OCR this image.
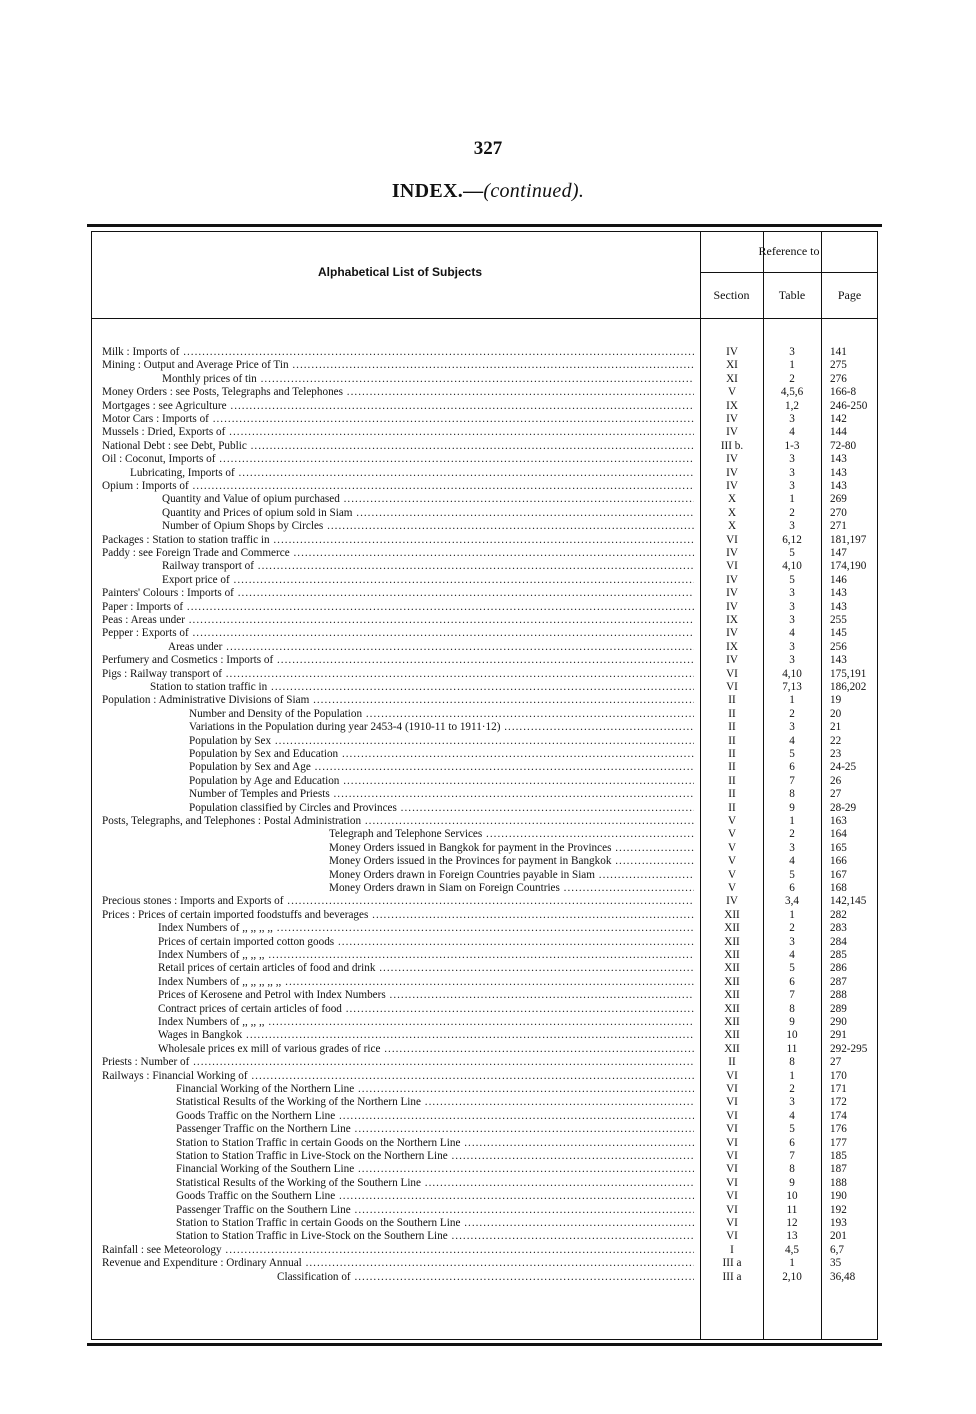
327
INDEX.—(continued).
Alphabetical List of Subjects
Reference to
Section	Table	Page
Milk : Imports of .....	IV	3	141
Mining : Output and Average Price of Tin .....	XI	1	275
Monthly prices of tin .....	XI	2	276
Money Orders : see Posts, Telegraphs and Telephones .....	V	4,5,6	166-8
Mortgages : see Agriculture .....	IX	1,2	246-250
Motor Cars : Imports of .....	IV	3	142
Mussels : Dried, Exports of .....	IV	4	144
National Debt : see Debt, Public .....	III b.	1-3	72-80
Oil : Coconut, Imports of .....	IV	3	143
Lubricating, Imports of .....	IV	3	143
Opium : Imports of .....	IV	3	143
Quantity and Value of opium purchased .....	X	1	269
Quantity and Prices of opium sold in Siam .....	X	2	270
Number of Opium Shops by Circles .....	X	3	271
Packages : Station to station traffic in .....	VI	6,12	181,197
Paddy : see Foreign Trade and Commerce .....	IV	5	147
Railway transport of .....	VI	4,10	174,190
Export price of .....	IV	5	146
Painters' Colours : Imports of .....	IV	3	143
Paper : Imports of .....	IV	3	143
Peas : Areas under .....	IX	3	255
Pepper : Exports of .....	IV	4	145
Areas under .....	IX	3	256
Perfumery and Cosmetics : Imports of .....	IV	3	143
Pigs : Railway transport of .....	VI	4,10	175,191
Station to station traffic in .....	VI	7,13	186,202
Population : Administrative Divisions of Siam .....	II	1	19
Number and Density of the Population .....	II	2	20
Variations in the Population during year 2453-4 (1910-11 to 1911·12) .....	II	3	21
Population by Sex .....	II	4	22
Population by Sex and Education .....	II	5	23
Population by Sex and Age .....	II	6	24-25
Population by Age and Education .....	II	7	26
Number of Temples and Priests .....	II	8	27
Population classified by Circles and Provinces .....	II	9	28-29
Posts, Telegraphs, and Telephones : Postal Administration .....	V	1	163
Telegraph and Telephone Services .....	V	2	164
Money Orders issued in Bangkok for payment in the Provinces .....	V	3	165
Money Orders issued in the Provinces for payment in Bangkok .....	V	4	166
Money Orders drawn in Foreign Countries payable in Siam .....	V	5	167
Money Orders drawn in Siam on Foreign Countries .....	V	6	168
Precious stones : Imports and Exports of .....	IV	3,4	142,145
Prices : Prices of certain imported foodstuffs and beverages .....	XII	1	282
Index Numbers of ,, ,, ,, ,, .....	XII	2	283
Prices of certain imported cotton goods .....	XII	3	284
Index Numbers of ,, ,, ,, .....	XII	4	285
Retail prices of certain articles of food and drink .....	XII	5	286
Index Numbers of ,, ,, ,, ,, ,, .....	XII	6	287
Prices of Kerosene and Petrol with Index Numbers .....	XII	7	288
Contract prices of certain articles of food .....	XII	8	289
Index Numbers of ,, ,, ,, .....	XII	9	290
Wages in Bangkok .....	XII	10	291
Wholesale prices ex mill of various grades of rice .....	XII	11	292-295
Priests : Number of .....	II	8	27
Railways : Financial Working of .....	VI	1	170
Financial Working of the Northern Line .....	VI	2	171
Statistical Results of the Working of the Northern Line .....	VI	3	172
Goods Traffic on the Northern Line .....	VI	4	174
Passenger Traffic on the Northern Line .....	VI	5	176
Station to Station Traffic in certain Goods on the Northern Line .....	VI	6	177
Station to Station Traffic in Live-Stock on the Northern Line .....	VI	7	185
Financial Working of the Southern Line .....	VI	8	187
Statistical Results of the Working of the Southern Line .....	VI	9	188
Goods Traffic on the Southern Line .....	VI	10	190
Passenger Traffic on the Southern Line .....	VI	11	192
Station to Station Traffic in certain Goods on the Southern Line .....	VI	12	193
Station to Station Traffic in Live-Stock on the Southern Line .....	VI	13	201
Rainfall : see Meteorology .....	I	4,5	6,7
Revenue and Expenditure : Ordinary Annual .....	III a	1	35
Classification of .....	III a	2,10	36,48
